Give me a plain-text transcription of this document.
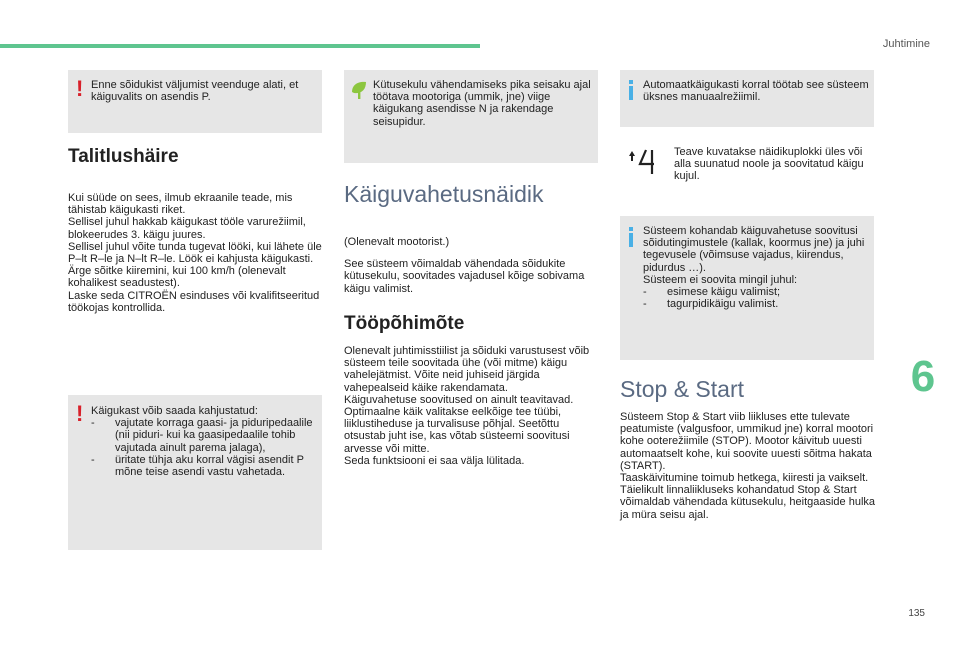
Juhtimine
6
135
! Enne sõidukist väljumist veenduge alati, et käiguvalits on asendis P.

Talitlushäire

Kui süüde on sees, ilmub ekraanile teade, mis tähistab käigukasti riket.

Sellisel juhul hakkab käigukast tööle varurežiimil, blokeerudes 3. käigu juures.

Sellisel juhul võite tunda tugevat lööki, kui lähete üle P–lt R–le ja N–lt R–le. Löök ei kahjusta käigukasti.

Ärge sõitke kiiremini, kui 100 km/h (olenevalt kohalikest seadustest).

Laske seda CITROËN esinduses või kvalifitseeritud töökojas kontrollida.

! Käigukast võib saada kahjustatud:

- vajutate korraga gaasi- ja piduripedaalile (nii piduri- kui ka gaasipedaalile tohib vajutada ainult parema jalaga),
- üritate tühja aku korral vägisi asendit P mõne teise asendi vastu vahetada.

Kütusekulu vähendamiseks pika seisaku ajal töötava mootoriga (ummik, jne) viige käigukang asendisse N ja rakendage seisupidur.

Käiguvahetusnäidik

(Olenevalt mootorist.)

See süsteem võimaldab vähendada sõidukite kütusekulu, soovitades vajadusel kõige sobivama käigu valimist.

Tööpõhimõte

Olenevalt juhtimisstiilist ja sõiduki varustusest võib süsteem teile soovitada ühe (või mitme) käigu vahelejätmist. Võite neid juhiseid järgida vahepealseid käike rakendamata.

Käiguvahetuse soovitused on ainult teavitavad. Optimaalne käik valitakse eelkõige tee tüübi, liiklustiheduse ja turvalisuse põhjal. Seetõttu otsustab juht ise, kas võtab süsteemi soovitusi arvesse või mitte.

Seda funktsiooni ei saa välja lülitada.

Automaatkäigukasti korral töötab see süsteem üksnes manuaalrežiimil.

Teave kuvatakse näidikuplokki üles või alla suunatud noole ja soovitatud käigu kujul.

Süsteem kohandab käiguvahetuse soovitusi sõidutingimustele (kallak, koormus jne) ja juhi tegevusele (võimsuse vajadus, kiirendus, pidurdus …).

Süsteem ei soovita mingil juhul:

- esimese käigu valimist;
- tagurpidikäigu valimist.
Stop & Start

Süsteem Stop & Start viib liikluses ette tulevate peatumiste (valgusfoor, ummikud jne) korral mootori kohe ooterežiimile (STOP). Mootor käivitub uuesti automaatselt kohe, kui soovite uuesti sõitma hakata (START).

Taaskäivitumine toimub hetkega, kiiresti ja vaikselt.

Täielikult linnaliikluseks kohandatud Stop & Start võimaldab vähendada kütusekulu, heitgaaside hulka ja müra seisu ajal.
